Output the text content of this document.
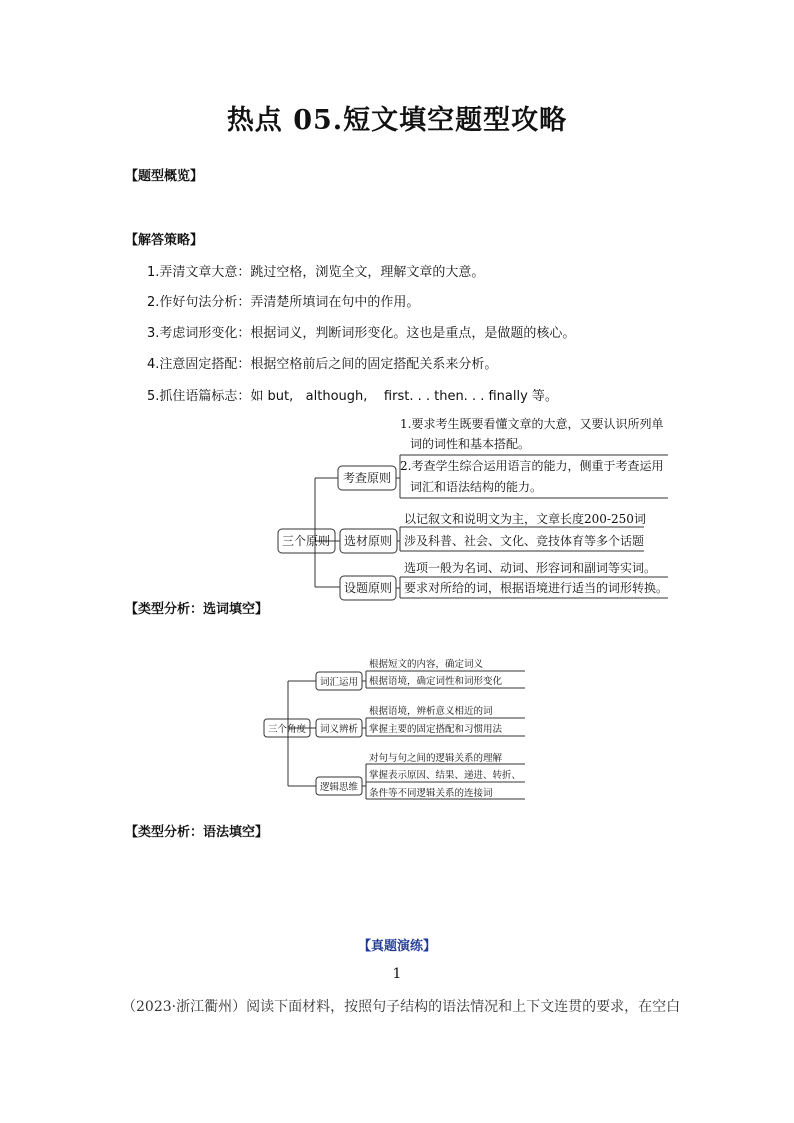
热点 05.短文填空题型攻略
【题型概览】
【解答策略】
1.弄清文章大意：跳过空格，浏览全文，理解文章的大意。
2.作好句法分析：弄清楚所填词在句中的作用。
3.考虑词形变化：根据词义，判断词形变化。这也是重点，是做题的核心。
4.注意固定搭配：根据空格前后之间的固定搭配关系来分析。
5.抓住语篇标志：如 but,   although,    first. . . then. . . finally 等。
三个原则
考查原则
选材原则
设题原则
1.要求考生既要看懂文章的大意，又要认识所列单
词的词性和基本搭配。
2.考查学生综合运用语言的能力，侧重于考查运用
词汇和语法结构的能力。
以记叙文和说明文为主，文章长度200-250词
涉及科普、社会、文化、竞技体育等多个话题
选项一般为名词、动词、形容词和副词等实词。
要求对所给的词，根据语境进行适当的词形转换。
三个角度
词汇运用
词义辨析
逻辑思维
根据短文的内容，确定词义
根据语境，确定词性和词形变化
根据语境，辨析意义相近的词
掌握主要的固定搭配和习惯用法
对句与句之间的逻辑关系的理解
掌握表示原因、结果、递进、转折、
条件等不同逻辑关系的连接词
【类型分析：选词填空】
【类型分析：语法填空】
【真题演练】
1
（2023·浙江衢州）阅读下面材料，按照句子结构的语法情况和上下文连贯的要求，在空白
